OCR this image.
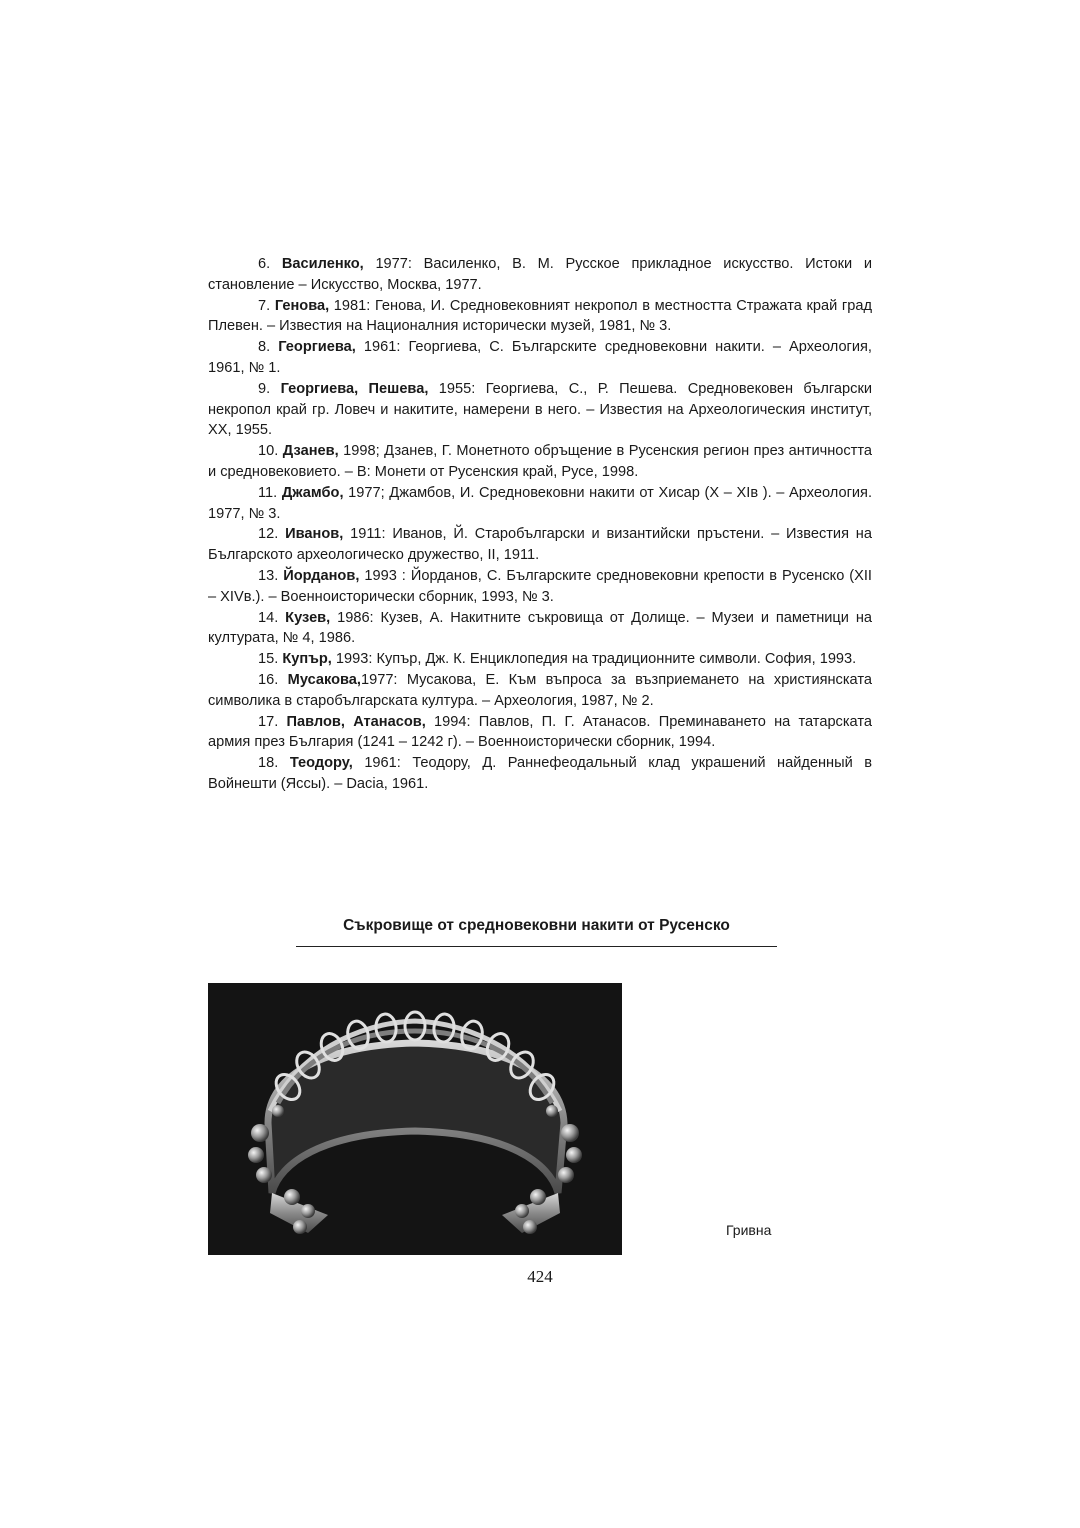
6. Василенко, 1977: Василенко, В. М. Русское прикладное искусство. Истоки и становление – Искусство, Москва, 1977.

7. Генова, 1981: Генова, И. Средновековният некропол в местността Стражата край град Плевен. – Известия на Националния исторически музей, 1981, № 3.

8. Георгиева, 1961: Георгиева, С. Българските средновековни накити. – Археология, 1961, № 1.

9. Георгиева, Пешева, 1955: Георгиева, С., Р. Пешева. Средновековен български некропол край гр. Ловеч и накитите, намерени в него. – Известия на Археологическия институт, ХХ, 1955.

10. Дзанев, 1998; Дзанев, Г. Монетното обръщение в Русенския регион през античността и средновековието. – В: Монети от Русенския край, Русе, 1998.

11. Джамбо, 1977; Джамбов, И. Средновековни накити от Хисар (Х – ХІв ). – Археология. 1977, № 3.

12. Иванов, 1911: Иванов, Й. Старобългарски и византийски пръстени. – Известия на Българското археологическо дружество, ІІ, 1911.

13. Йорданов, 1993 : Йорданов, С. Българските средновековни крепости в Русенско (ХІІ – ХІVв.). – Военноисторически сборник, 1993, № 3.

14. Кузев, 1986: Кузев, А. Накитните съкровища от Долище. – Музеи и паметници на културата, № 4, 1986.

15. Купър, 1993: Купър, Дж. К. Енциклопедия на традиционните символи. София, 1993.

16. Мусакова,1977: Мусакова, Е. Към въпроса за възприемането на християнската символика в старобългарската култура. – Археология, 1987, № 2.

17. Павлов, Атанасов, 1994: Павлов, П. Г. Атанасов. Преминаването на татарската армия през България (1241 – 1242 г). – Военноисторически сборник, 1994.

18. Теодору, 1961: Теодору, Д. Раннефеодальный клад украшений найденный в Войнешти (Яссы). – Dacia, 1961.

Съкровище от средновековни накити от Русенско
Гривна
424
